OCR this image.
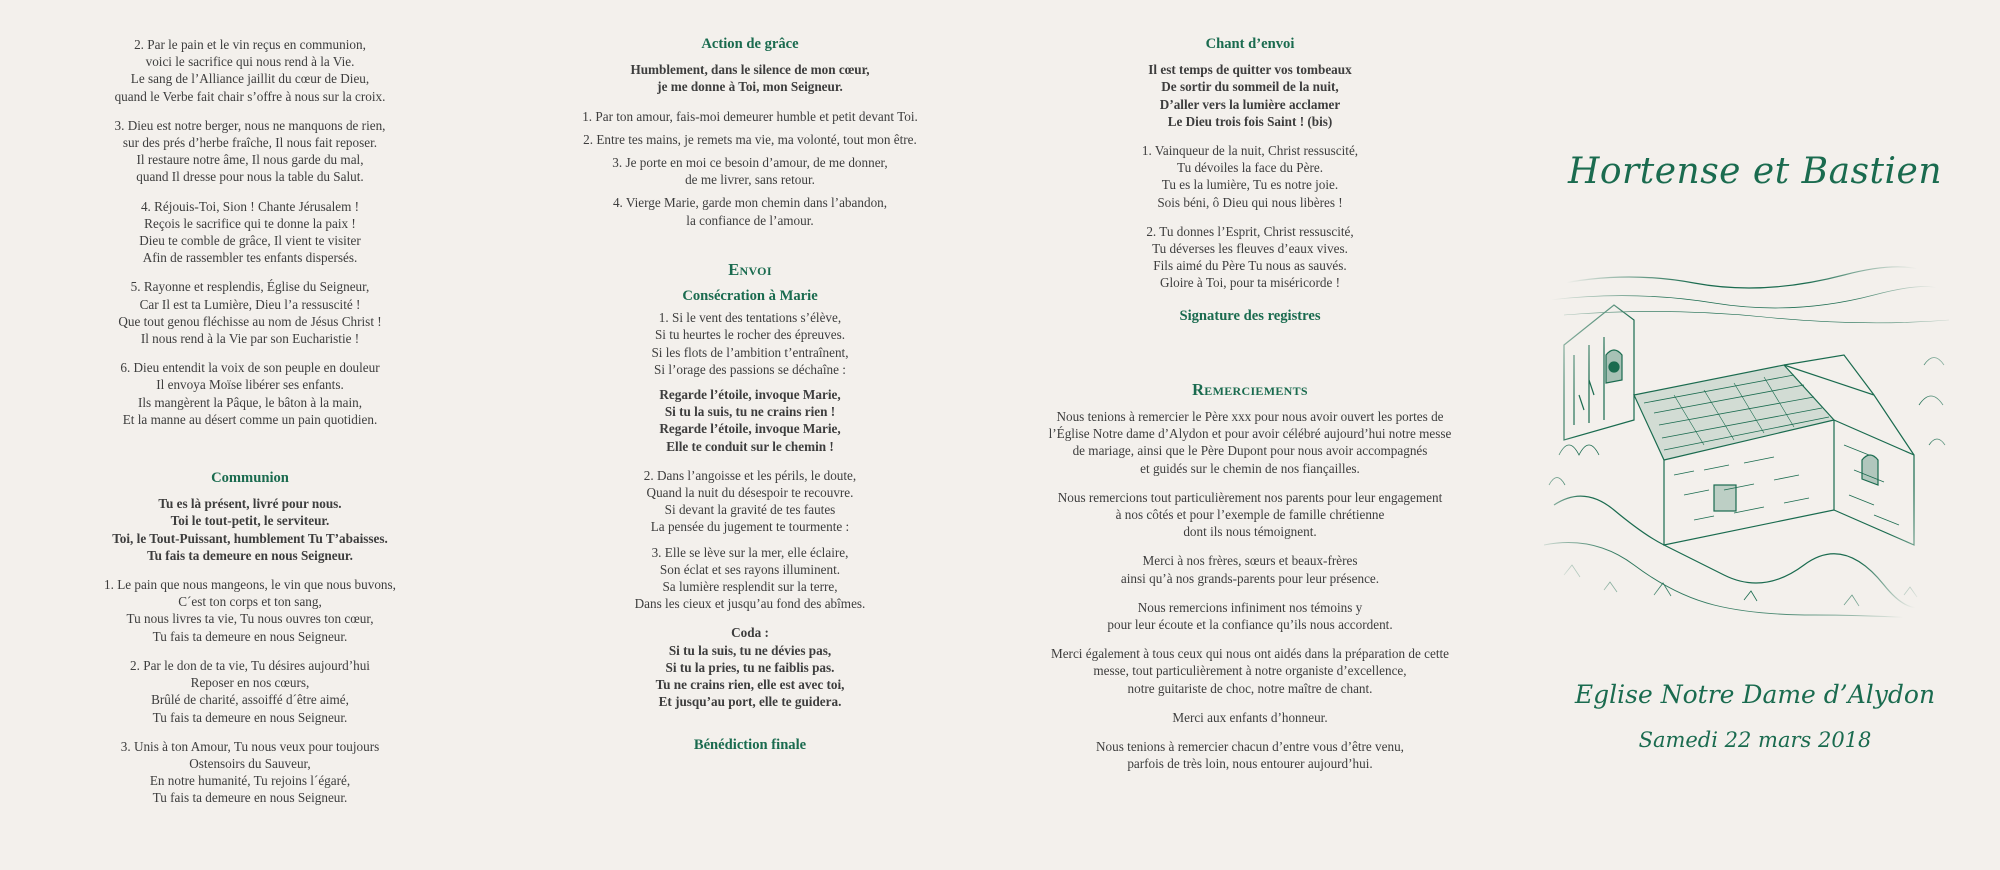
2. Par le pain et le vin reçus en communion,
voici le sacrifice qui nous rend à la Vie.
Le sang de l’Alliance jaillit du cœur de Dieu,
quand le Verbe fait chair s’offre à nous sur la croix.
3. Dieu est notre berger, nous ne manquons de rien,
sur des prés d’herbe fraîche, Il nous fait reposer.
Il restaure notre âme, Il nous garde du mal,
quand Il dresse pour nous la table du Salut.
4. Réjouis-Toi, Sion ! Chante Jérusalem !
Reçois le sacrifice qui te donne la paix !
Dieu te comble de grâce, Il vient te visiter
Afin de rassembler tes enfants dispersés.
5. Rayonne et resplendis, Église du Seigneur,
Car Il est ta Lumière, Dieu l’a ressuscité !
Que tout genou fléchisse au nom de Jésus Christ !
Il nous rend à la Vie par son Eucharistie !
6. Dieu entendit la voix de son peuple en douleur
Il envoya Moïse libérer ses enfants.
Ils mangèrent la Pâque, le bâton à la main,
Et la manne au désert comme un pain quotidien.
Communion
Tu es là présent, livré pour nous.
Toi le tout-petit, le serviteur.
Toi, le Tout-Puissant, humblement Tu T’abaisses.
Tu fais ta demeure en nous Seigneur.
1. Le pain que nous mangeons, le vin que nous buvons,
C´est ton corps et ton sang,
Tu nous livres ta vie, Tu nous ouvres ton cœur,
Tu fais ta demeure en nous Seigneur.
2. Par le don de ta vie, Tu désires aujourd’hui
Reposer en nos cœurs,
Brûlé de charité, assoiffé d´être aimé,
Tu fais ta demeure en nous Seigneur.
3. Unis à ton Amour, Tu nous veux pour toujours
Ostensoirs du Sauveur,
En notre humanité, Tu rejoins l´égaré,
Tu fais ta demeure en nous Seigneur.
Action de grâce
Humblement, dans le silence de mon cœur,
je me donne à Toi, mon Seigneur.
1. Par ton amour, fais-moi demeurer humble et petit devant Toi.
2. Entre tes mains, je remets ma vie, ma volonté, tout mon être.
3. Je porte en moi ce besoin d’amour, de me donner,
de me livrer, sans retour.
4. Vierge Marie, garde mon chemin dans l’abandon,
la confiance de l’amour.
Envoi
Consécration à Marie
1. Si le vent des tentations s’élève,
Si tu heurtes le rocher des épreuves.
Si les flots de l’ambition t’entraînent,
Si l’orage des passions se déchaîne :
Regarde l’étoile, invoque Marie,
Si tu la suis, tu ne crains rien !
Regarde l’étoile, invoque Marie,
Elle te conduit sur le chemin !
2. Dans l’angoisse et les périls, le doute,
Quand la nuit du désespoir te recouvre.
Si devant la gravité de tes fautes
La pensée du jugement te tourmente :
3. Elle se lève sur la mer, elle éclaire,
Son éclat et ses rayons illuminent.
Sa lumière resplendit sur la terre,
Dans les cieux et jusqu’au fond des abîmes.
Coda :
Si tu la suis, tu ne dévies pas,
Si tu la pries, tu ne faiblis pas.
Tu ne crains rien, elle est avec toi,
Et jusqu’au port, elle te guidera.
Bénédiction finale
Chant d’envoi
Il est temps de quitter vos tombeaux
De sortir du sommeil de la nuit,
D’aller vers la lumière acclamer
Le Dieu trois fois Saint ! (bis)
1. Vainqueur de la nuit, Christ ressuscité,
Tu dévoiles la face du Père.
Tu es la lumière, Tu es notre joie.
Sois béni, ô Dieu qui nous libères !
2. Tu donnes l’Esprit, Christ ressuscité,
Tu déverses les fleuves d’eaux vives.
Fils aimé du Père Tu nous as sauvés.
Gloire à Toi, pour ta miséricorde !
Signature des registres
Remerciements
Nous tenions à remercier le Père xxx pour nous avoir ouvert les portes de
l’Église Notre dame d’Alydon et pour avoir célébré aujourd’hui notre messe
de mariage, ainsi que le Père Dupont pour nous avoir accompagnés
et guidés sur le chemin de nos fiançailles.
Nous remercions tout particulièrement nos parents pour leur engagement
à nos côtés et pour l’exemple de famille chrétienne
dont ils nous témoignent.
Merci à nos frères, sœurs et beaux-frères
ainsi qu’à nos grands-parents pour leur présence.
Nous remercions infiniment nos témoins y
pour leur écoute et la confiance qu’ils nous accordent.
Merci également à tous ceux qui nous ont aidés dans la préparation de cette
messe, tout particulièrement à notre organiste d’excellence,
notre guitariste de choc, notre maître de chant.
Merci aux enfants d’honneur.
Nous tenions à remercier chacun d’entre vous d’être venu,
parfois de très loin, nous entourer aujourd’hui.
Hortense et Bastien
Eglise Notre Dame d’Alydon
Samedi 22 mars 2018
